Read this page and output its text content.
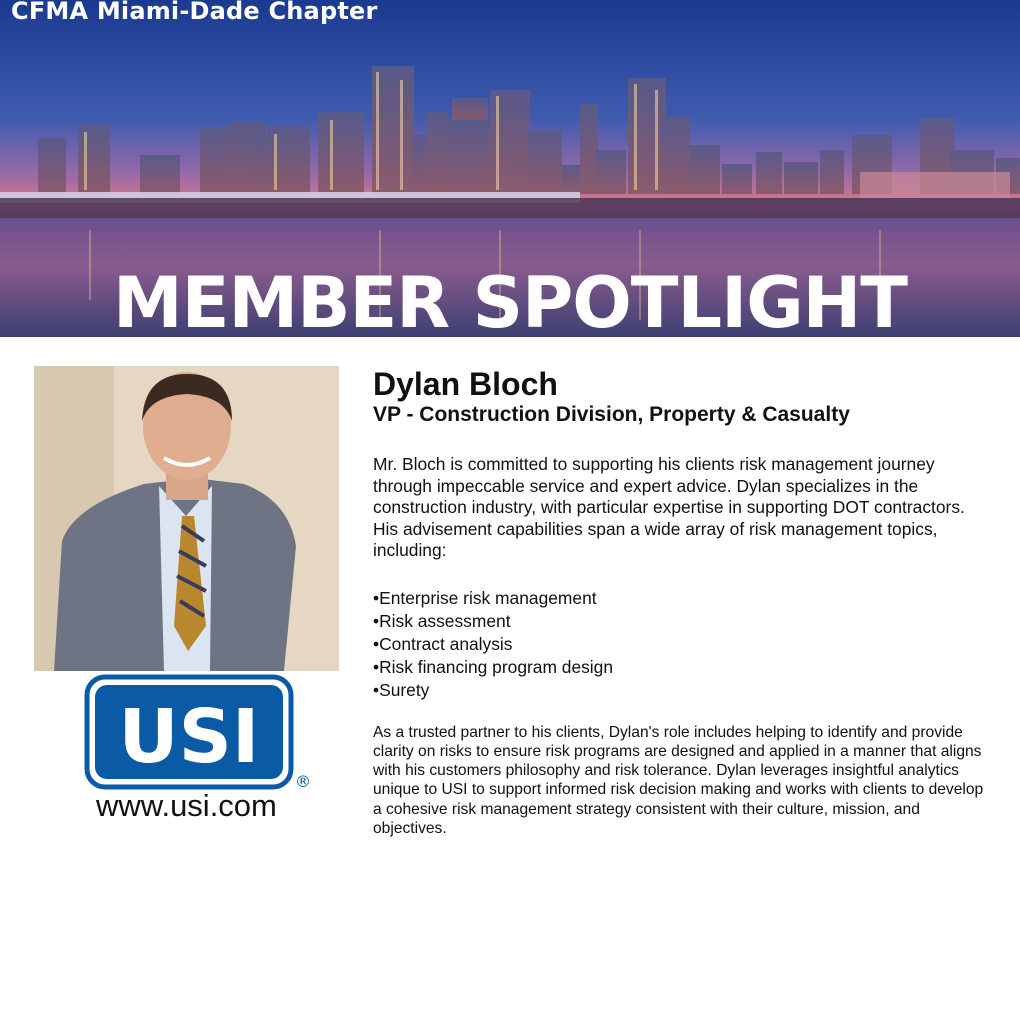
CFMA Miami-Dade Chapter
MEMBER SPOTLIGHT
USI
®
www.usi.com
Dylan Bloch
VP - Construction Division, Property & Casualty

Mr. Bloch is committed to supporting his clients risk management journey through impeccable service and expert advice. Dylan specializes in the construction industry, with particular expertise in supporting DOT contractors. His advisement capabilities span a wide array of risk management topics, including:

• Enterprise risk management
• Risk assessment
• Contract analysis
• Risk financing program design
• Surety

As a trusted partner to his clients, Dylan's role includes helping to identify and provide clarity on risks to ensure risk programs are designed and applied in a manner that aligns with his customers philosophy and risk tolerance. Dylan leverages insightful analytics unique to USI to support informed risk decision making and works with clients to develop a cohesive risk management strategy consistent with their culture, mission, and objectives.
